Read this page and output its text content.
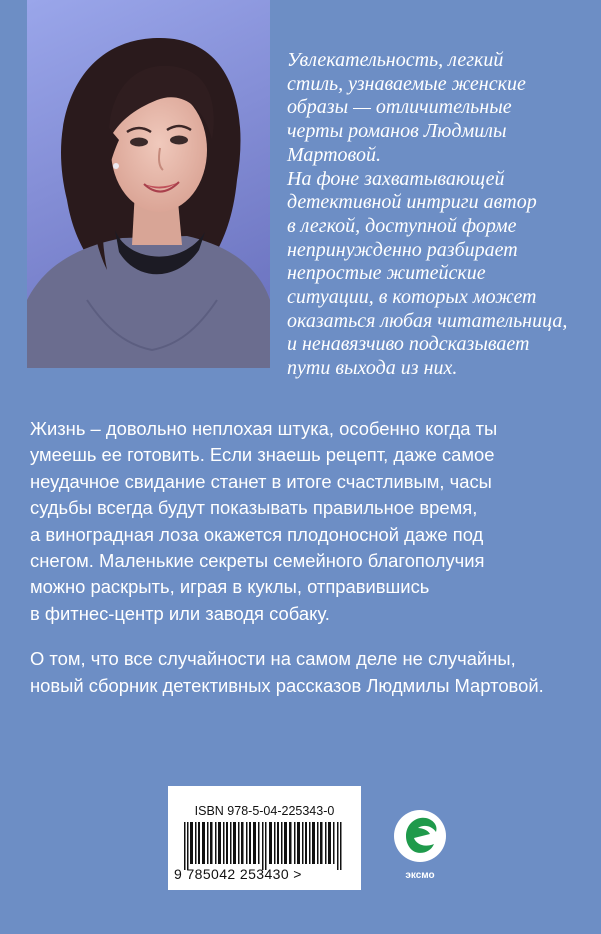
Увлекательность, легкий

стиль, узнаваемые женские

образы — отличительные

черты романов Людмилы

Мартовой.

На фоне захватывающей

детективной интриги автор

в легкой, доступной форме

непринужденно разбирает

непростые житейские

ситуации, в которых может

оказаться любая читательница,

и ненавязчиво подсказывает

пути выхода из них.

Жизнь – довольно неплохая штука, особенно когда ты
умеешь ее готовить. Если знаешь рецепт, даже самое
неудачное свидание станет в итоге счастливым, часы
судьбы всегда будут показывать правильное время,
а виноградная лоза окажется плодоносной даже под
снегом. Маленькие секреты семейного благополучия
можно раскрыть, играя в куклы, отправившись
в фитнес-центр или заводя собаку.

О том, что все случайности на самом деле не случайны,
новый сборник детективных рассказов Людмилы Мартовой.

ISBN 978-5-04-225343-0
9 785042 253430 >	эксмо
